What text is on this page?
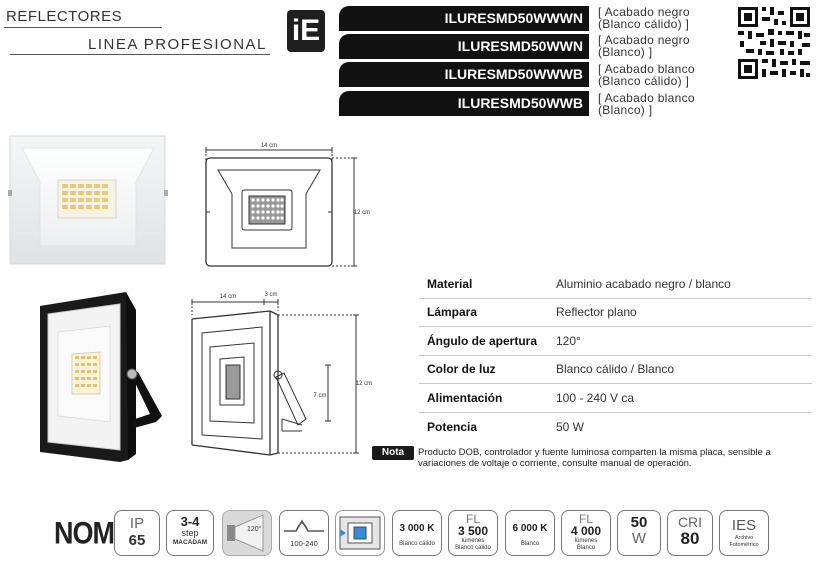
REFLECTORES
LINEA PROFESIONAL iE	ILURESMD50WWWN	[ Acabado negro
(Blanco cálido) ]
ILURESMD50WWN	[ Acabado negro
(Blanco) ]
ILURESMD50WWWB	[ Acabado blanco
(Blanco cálido) ]
ILURESMD50WWB	[ Acabado blanco
(Blanco) ]
14 cm
12 cm
14 cm	3 cm
12 cm
7 cm
Material	Aluminio acabado negro / blanco
Lámpara	Reflector plano
Ángulo de apertura	120°
Color de luz	Blanco cálido / Blanco
Alimentación	100 - 240 V ca
Potencia	50 W
Nota	Producto DOB, controlador y fuente luminosa comparten la misma placa, sensible a variaciones de voltaje o corriente, consulte manual de operación.
NOM	IP
65
3-4
step
MACADAM
120°
100-240
3 000 K
Blanco cálido
FL
3 500
lúmenes
Blanco cálido
6 000 K
Blanco
FL
4 000
lúmenes
Blanco
50
W
CRI
80
IES
Archivo
Fotométrico
